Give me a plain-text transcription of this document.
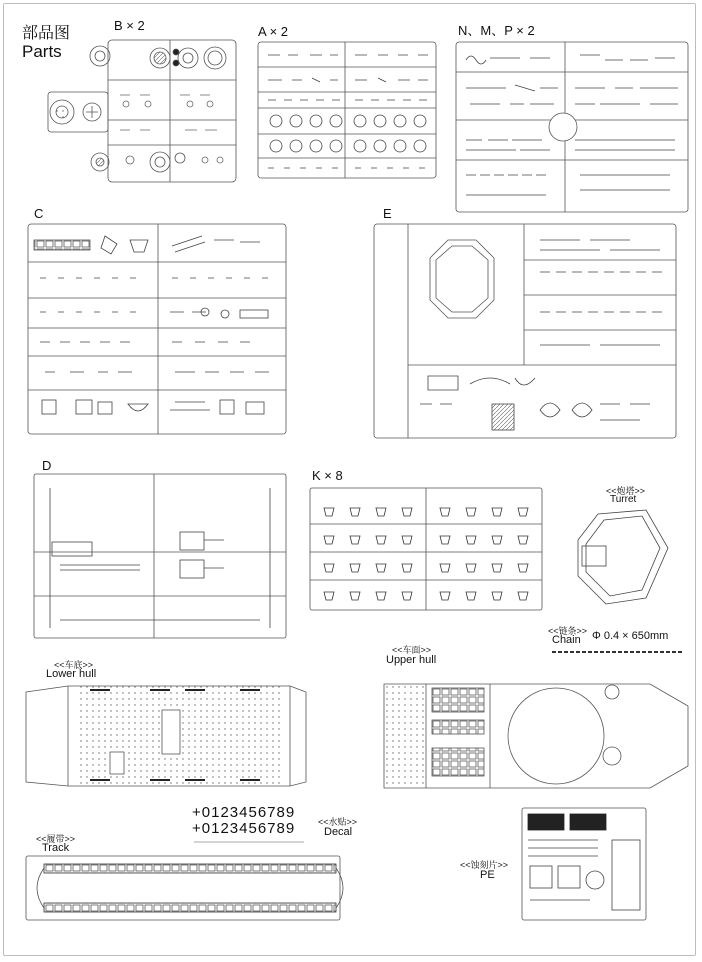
部品图
Parts
B × 2	A × 2	N、M、P × 2
C	E
D
K × 8
<<炮塔>>
Turret
<<链条>>
Chain Φ 0.4 × 650mm
<<车底>>
Lower hull
<<车面>>
Upper hull
<<履带>>
Track
<<水贴>>
Decal
<<蚀刻片>>
PE
+0123456789
+0123456789
